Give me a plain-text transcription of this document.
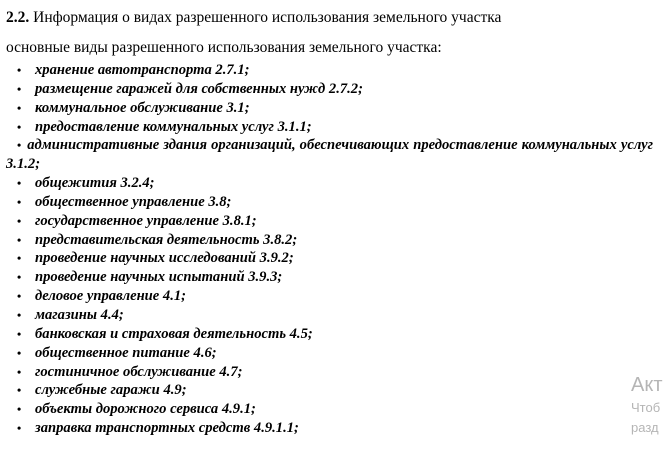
2.2. Информация о видах разрешенного использования земельного участка

основные виды разрешенного использования земельного участка:

• хранение автотранспорта 2.7.1;
• размещение гаражей для собственных нужд 2.7.2;
• коммунальное обслуживание 3.1;
• предоставление коммунальных услуг 3.1.1;
• административные здания организаций, обеспечивающих предоставление коммунальных услуг 3.1.2;
• общежития 3.2.4;
• общественное управление 3.8;
• государственное управление 3.8.1;
• представительская деятельность 3.8.2;
• проведение научных исследований 3.9.2;
• проведение научных испытаний 3.9.3;
• деловое управление 4.1;
• магазины 4.4;
• банковская и страховая деятельность 4.5;
• общественное питание 4.6;
• гостиничное обслуживание 4.7;
• служебные гаражи 4.9;
• объекты дорожного сервиса 4.9.1;
• заправка транспортных средств 4.9.1.1;
Акт
Чтоб
разд
